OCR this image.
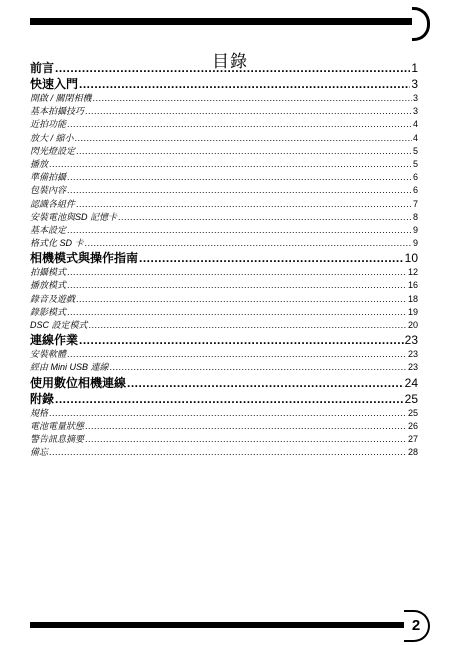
目錄
前言 .....	1
快速入門 .....	3
開啟 / 關閉相機 .....	3
基本拍攝技巧 .....	3
近拍功能 .....	4
放大 / 縮小 .....	4
閃光燈設定 .....	5
播放 .....	5
準備拍攝 .....	6
包裝內容 .....	6
認識各組件 .....	7
安裝電池與SD 記憶卡 .....	8
基本設定 .....	9
格式化 SD 卡 .....	9
相機模式與操作指南 .....	10
拍攝模式 .....	12
播放模式 .....	16
錄音及遊戲 .....	18
錄影模式 .....	19
DSC 設定模式 .....	20
連線作業 .....	23
安裝軟體 .....	23
經由 Mini USB 連線 .....	23
使用數位相機連線 .....	24
附錄 .....	25
規格 .....	25
電池電量狀態 .....	26
警告訊息摘要 .....	27
備忘 .....	28
2
